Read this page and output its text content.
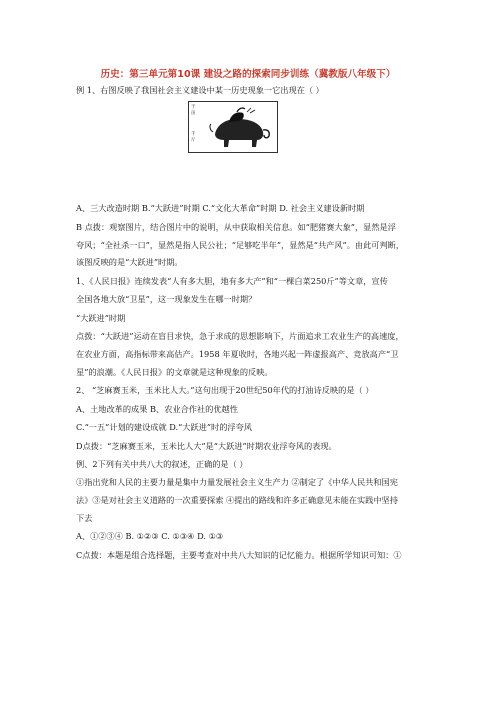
历史：第三单元第10课 建设之路的探索同步训练（冀教版八年级下）
例 1、右图反映了我国社会主义建设中某一历史现象一它出现在（ ）
于
亩
千
斤
A、三大改造时期 B.“大跃进”时期 C.“文化大革命”时期 D. 社会主义建设新时期
B 点拨：观察图片，结合图片中的说明，从中获取相关信息。如“肥猪赛大象”，显然是浮
夸风；“全社杀一口”，显然是指人民公社；“足够吃半年”，显然是“共产风”。由此可判断，
该图反映的是“大跃进”时期。
1、《人民日报》连续发表“人有多大胆，地有多大产”和“一棵白菜250斤”等文章，宣传
全国各地大放“卫星”，这一现象发生在哪一时期？
“大跃进”时期
点拨：“大跃进”运动在盲目求快，急于求成的思想影响下，片面追求工农业生产的高速度，
在农业方面，高指标带来高估产。1958 年夏收时，各地兴起一阵虚报高产、竞放高产“卫
星”的浪潮。《人民日报》的文章就是这种现象的反映。
2、 “芝麻赛玉米，玉米比人大。”这句出现于20世纪50年代的打油诗反映的是（ ）
A、土地改革的成果 B、农业合作社的优越性
C.“一五”计划的建设成就 D.“大跃进”时的浮夸风
D点拨：“芝麻赛玉米，玉米比人大”是“大跃进”时期农业浮夸风的表现。
例、2下列有关中共八大的叙述，正确的是（ ）
①指出党和人民的主要力量是集中力量发展社会主义生产力 ②制定了《中华人民共和国宪
法》③是对社会主义道路的一次重要探索 ④提出的路线和许多正确意见未能在实践中坚持
下去
A、①②③④ B. ①②③ C. ①③④ D. ①③
C点拨：本题是组合选择题，主要考查对中共八大知识的记忆能力。根据所学知识可知：①
